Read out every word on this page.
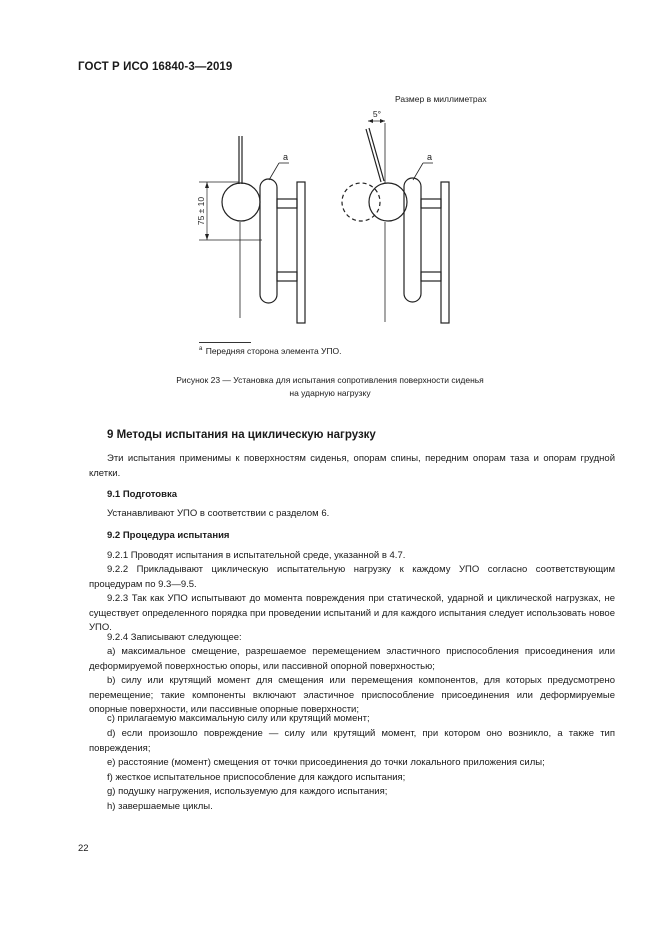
ГОСТ Р ИСО 16840-3—2019
Размер в миллиметрах
a	a
75 ± 10
5°
$^a$ Передняя сторона элемента УПО.
Рисунок 23 — Установка для испытания сопротивления поверхности сиденья
на ударную нагрузку
9 Методы испытания на циклическую нагрузку
Эти испытания применимы к поверхностям сиденья, опорам спины, передним опорам таза и опорам грудной клетки.
9.1 Подготовка
Устанавливают УПО в соответствии с разделом 6.
9.2 Процедура испытания
9.2.1 Проводят испытания в испытательной среде, указанной в 4.7.
9.2.2 Прикладывают циклическую испытательную нагрузку к каждому УПО согласно соответствующим процедурам по 9.3—9.5.
9.2.3 Так как УПО испытывают до момента повреждения при статической, ударной и циклической нагрузках, не существует определенного порядка при проведении испытаний и для каждого испытания следует использовать новое УПО.
9.2.4 Записывают следующее:
a) максимальное смещение, разрешаемое перемещением эластичного приспособления присоединения или деформируемой поверхностью опоры, или пассивной опорной поверхностью;
b) силу или крутящий момент для смещения или перемещения компонентов, для которых предусмотрено перемещение; такие компоненты включают эластичное приспособление присоединения или деформируемые опорные поверхности, или пассивные опорные поверхности;
c) прилагаемую максимальную силу или крутящий момент;
d) если произошло повреждение — силу или крутящий момент, при котором оно возникло, а также тип повреждения;
e) расстояние (момент) смещения от точки присоединения до точки локального приложения силы;
f) жесткое испытательное приспособление для каждого испытания;
g) подушку нагружения, используемую для каждого испытания;
h) завершаемые циклы.
22
